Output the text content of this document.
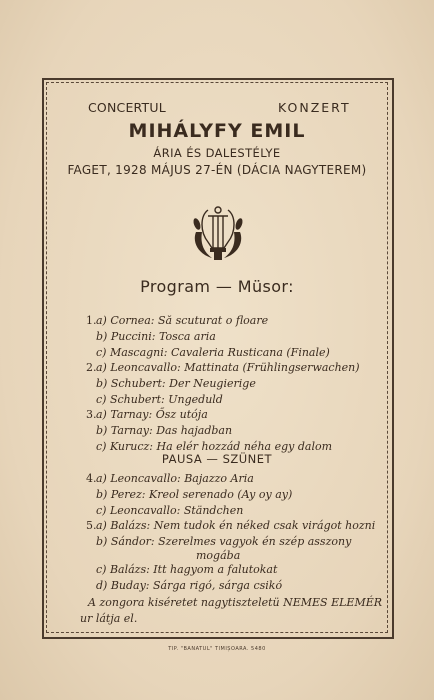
CONCERTUL	KONZERT
MIHÁLYFY EMIL
ÁRIA ÉS DALESTÉLYE
FAGET, 1928 MÁJUS 27-ÉN (DÁCIA NAGYTEREM)
Program — Müsor:
1. a) Cornea: Să scuturat o floare
b) Puccini: Tosca aria
c) Mascagni: Cavaleria Rusticana (Finale)
2. a) Leoncavallo: Mattinata (Frühlingserwachen)
b) Schubert: Der Neugierige
c) Schubert: Ungeduld
3. a) Tarnay: Ősz utója
b) Tarnay: Das hajadban
c) Kurucz: Ha elér hozzád néha egy dalom
PAUSA — SZÜNET
4. a) Leoncavallo: Bajazzo Aria
b) Perez: Kreol serenado (Ay oy ay)
c) Leoncavallo: Ständchen
5. a) Balázs: Nem tudok én néked csak virágot hozni
b) Sándor: Szerelmes vagyok én szép asszony
mogába
c) Balázs: Itt hagyom a falutokat
d) Buday: Sárga rigó, sárga csikó
A zongora kiséretet nagytiszteletü NEMES ELEMÉR
ur látja el.
TIP. "BANATUL" TIMIȘOARA. 5480
